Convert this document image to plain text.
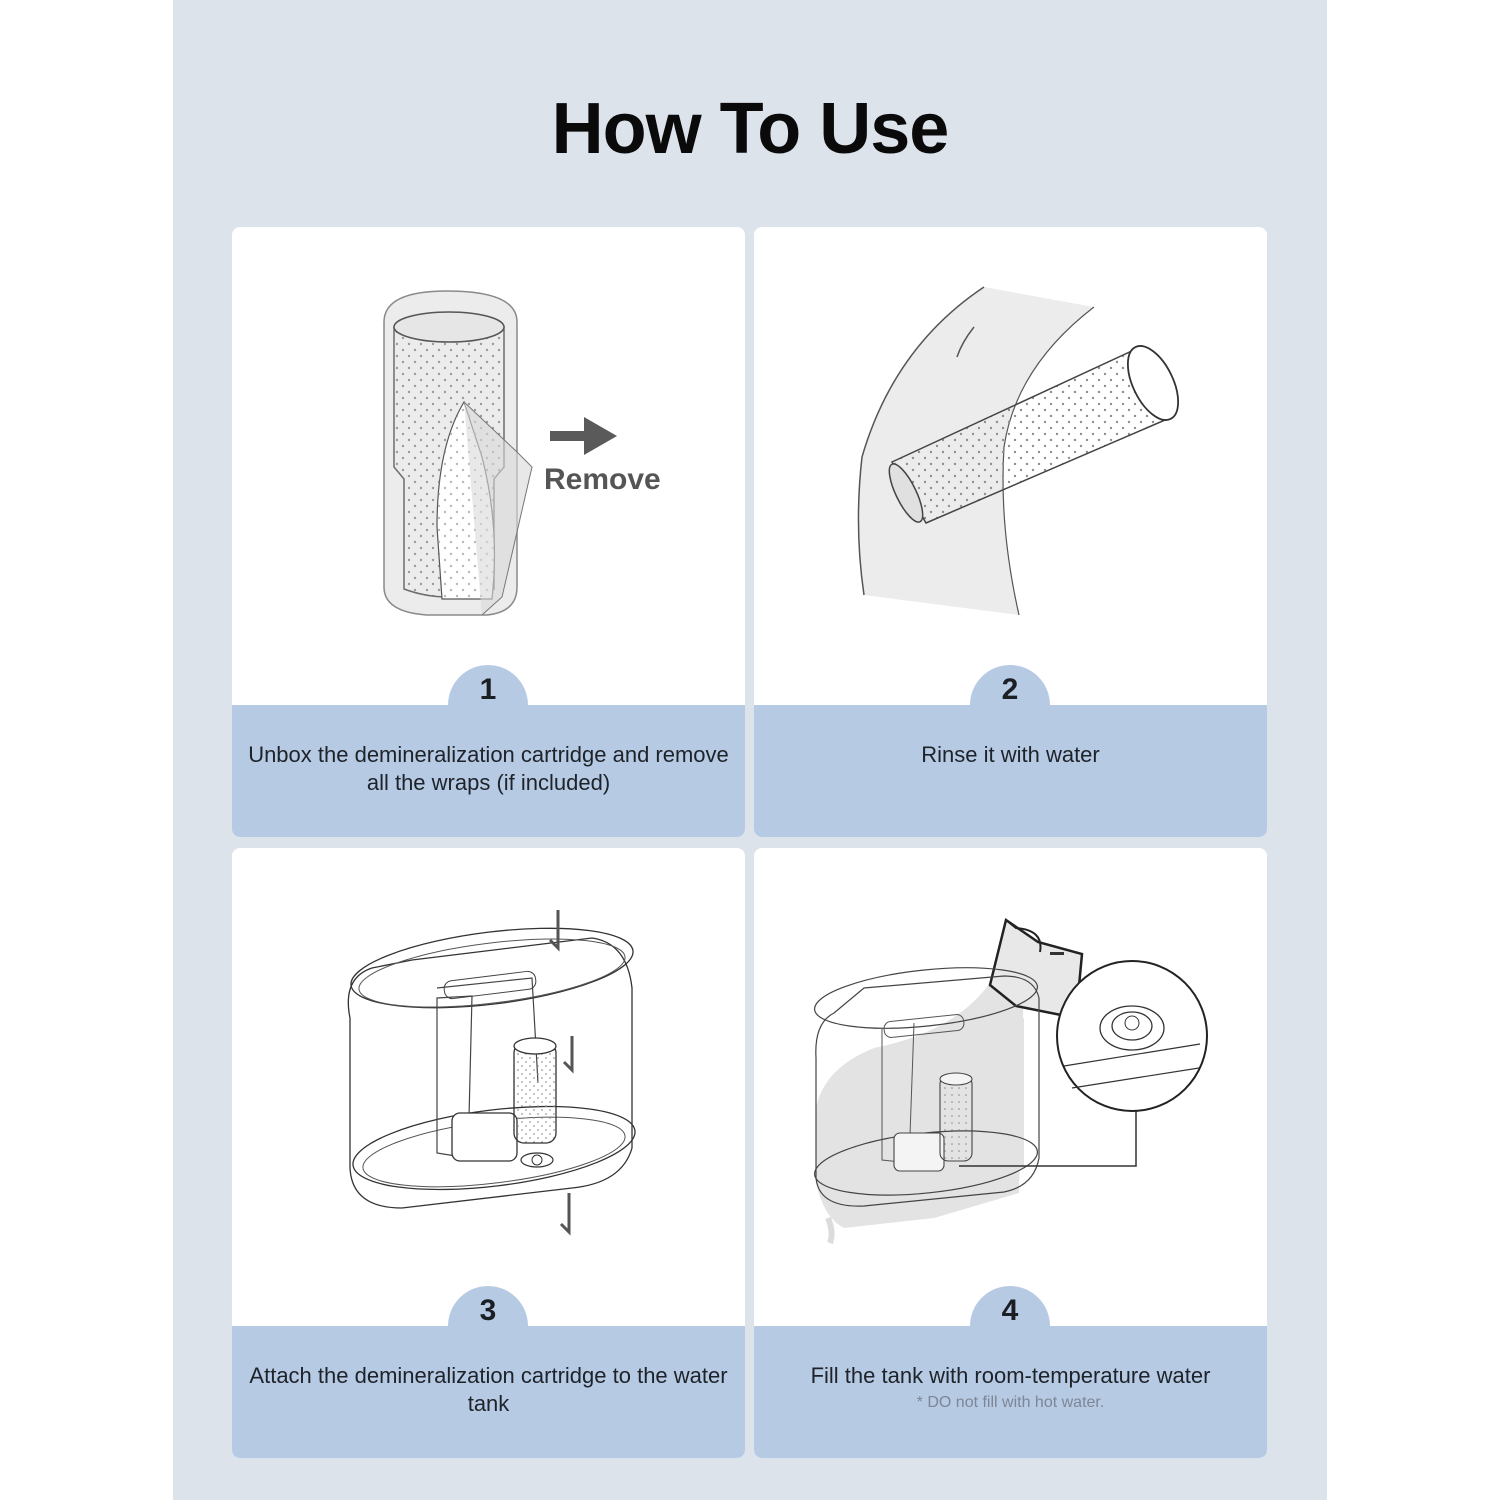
How To Use
Remove
1
Unbox the demineralization cartridge and remove all the wraps (if included)
2
Rinse it with water
3
Attach the demineralization cartridge to the water tank
4
Fill the tank with room-temperature water
* DO not fill with hot water.
